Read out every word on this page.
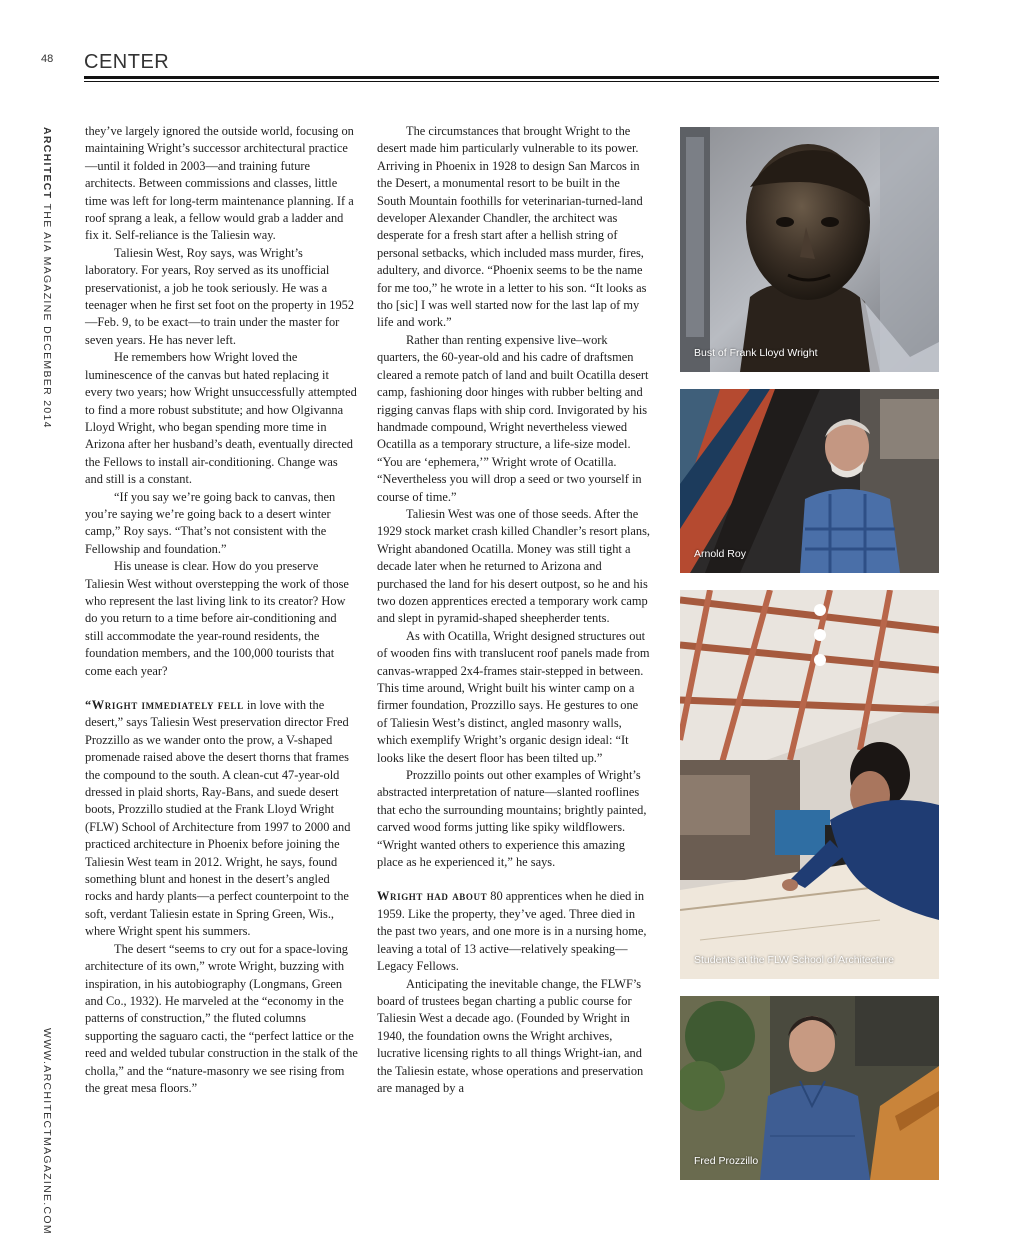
48 CENTER
ARCHITECT THE AIA MAGAZINE DECEMBER 2014
WWW.ARCHITECTMAGAZINE.COM

they’ve largely ignored the outside world, focusing on maintaining Wright’s successor architectural practice—until it folded in 2003—and training future architects. Between commissions and classes, little time was left for long-term maintenance planning. If a roof sprang a leak, a fellow would grab a ladder and fix it. Self-reliance is the Taliesin way.

Taliesin West, Roy says, was Wright’s laboratory. For years, Roy served as its unofficial preservationist, a job he took seriously. He was a teenager when he first set foot on the property in 1952—Feb. 9, to be exact—to train under the master for seven years. He has never left.

He remembers how Wright loved the luminescence of the canvas but hated replacing it every two years; how Wright unsuccessfully attempted to find a more robust substitute; and how Olgivanna Lloyd Wright, who began spending more time in Arizona after her husband’s death, eventually directed the Fellows to install air-conditioning. Change was and still is a constant.

“If you say we’re going back to canvas, then you’re saying we’re going back to a desert winter camp,” Roy says. “That’s not consistent with the Fellowship and foundation.”

His unease is clear. How do you preserve Taliesin West without overstepping the work of those who represent the last living link to its creator? How do you return to a time before air-conditioning and still accommodate the year-round residents, the foundation members, and the 100,000 tourists that come each year?

“Wright immediately fell in love with the desert,” says Taliesin West preservation director Fred Prozzillo as we wander onto the prow, a V-shaped promenade raised above the desert thorns that frames the compound to the south. A clean-cut 47-year-old dressed in plaid shorts, Ray-Bans, and suede desert boots, Prozzillo studied at the Frank Lloyd Wright (FLW) School of Architecture from 1997 to 2000 and practiced architecture in Phoenix before joining the Taliesin West team in 2012. Wright, he says, found something blunt and honest in the desert’s angled rocks and hardy plants—a perfect counterpoint to the soft, verdant Taliesin estate in Spring Green, Wis., where Wright spent his summers.

The desert “seems to cry out for a space-loving architecture of its own,” wrote Wright, buzzing with inspiration, in his autobiography (Longmans, Green and Co., 1932). He marveled at the “economy in the patterns of construction,” the fluted columns supporting the saguaro cacti, the “perfect lattice or the reed and welded tubular construction in the stalk of the cholla,” and the “nature-masonry we see rising from the great mesa floors.”

The circumstances that brought Wright to the desert made him particularly vulnerable to its power. Arriving in Phoenix in 1928 to design San Marcos in the Desert, a monumental resort to be built in the South Mountain foothills for veterinarian-turned-land developer Alexander Chandler, the architect was desperate for a fresh start after a hellish string of personal setbacks, which included mass murder, fires, adultery, and divorce. “Phoenix seems to be the name for me too,” he wrote in a letter to his son. “It looks as tho [sic] I was well started now for the last lap of my life and work.”

Rather than renting expensive live–work quarters, the 60-year-old and his cadre of draftsmen cleared a remote patch of land and built Ocatilla desert camp, fashioning door hinges with rubber belting and rigging canvas flaps with ship cord. Invigorated by his handmade compound, Wright nevertheless viewed Ocatilla as a temporary structure, a life-size model. “You are ‘ephemera,’” Wright wrote of Ocatilla. “Nevertheless you will drop a seed or two yourself in course of time.”

Taliesin West was one of those seeds. After the 1929 stock market crash killed Chandler’s resort plans, Wright abandoned Ocatilla. Money was still tight a decade later when he returned to Arizona and purchased the land for his desert outpost, so he and his two dozen apprentices erected a temporary work camp and slept in pyramid-shaped sheepherder tents.

As with Ocatilla, Wright designed structures out of wooden fins with translucent roof panels made from canvas-wrapped 2x4-frames stair-stepped in between. This time around, Wright built his winter camp on a firmer foundation, Prozzillo says. He gestures to one of Taliesin West’s distinct, angled masonry walls, which exemplify Wright’s organic design ideal: “It looks like the desert floor has been tilted up.”

Prozzillo points out other examples of Wright’s abstracted interpretation of nature—slanted rooflines that echo the surrounding mountains; brightly painted, carved wood forms jutting like spiky wildflowers. “Wright wanted others to experience this amazing place as he experienced it,” he says.

Wright had about 80 apprentices when he died in 1959. Like the property, they’ve aged. Three died in the past two years, and one more is in a nursing home, leaving a total of 13 active—relatively speaking—Legacy Fellows.

Anticipating the inevitable change, the FLWF’s board of trustees began charting a public course for Taliesin West a decade ago. (Founded by Wright in 1940, the foundation owns the Wright archives, lucrative licensing rights to all things Wright-ian, and the Taliesin estate, whose operations and preservation are managed by a

Bust of Frank Lloyd Wright
Arnold Roy
Students at the FLW School of Architecture
Fred Prozzillo
